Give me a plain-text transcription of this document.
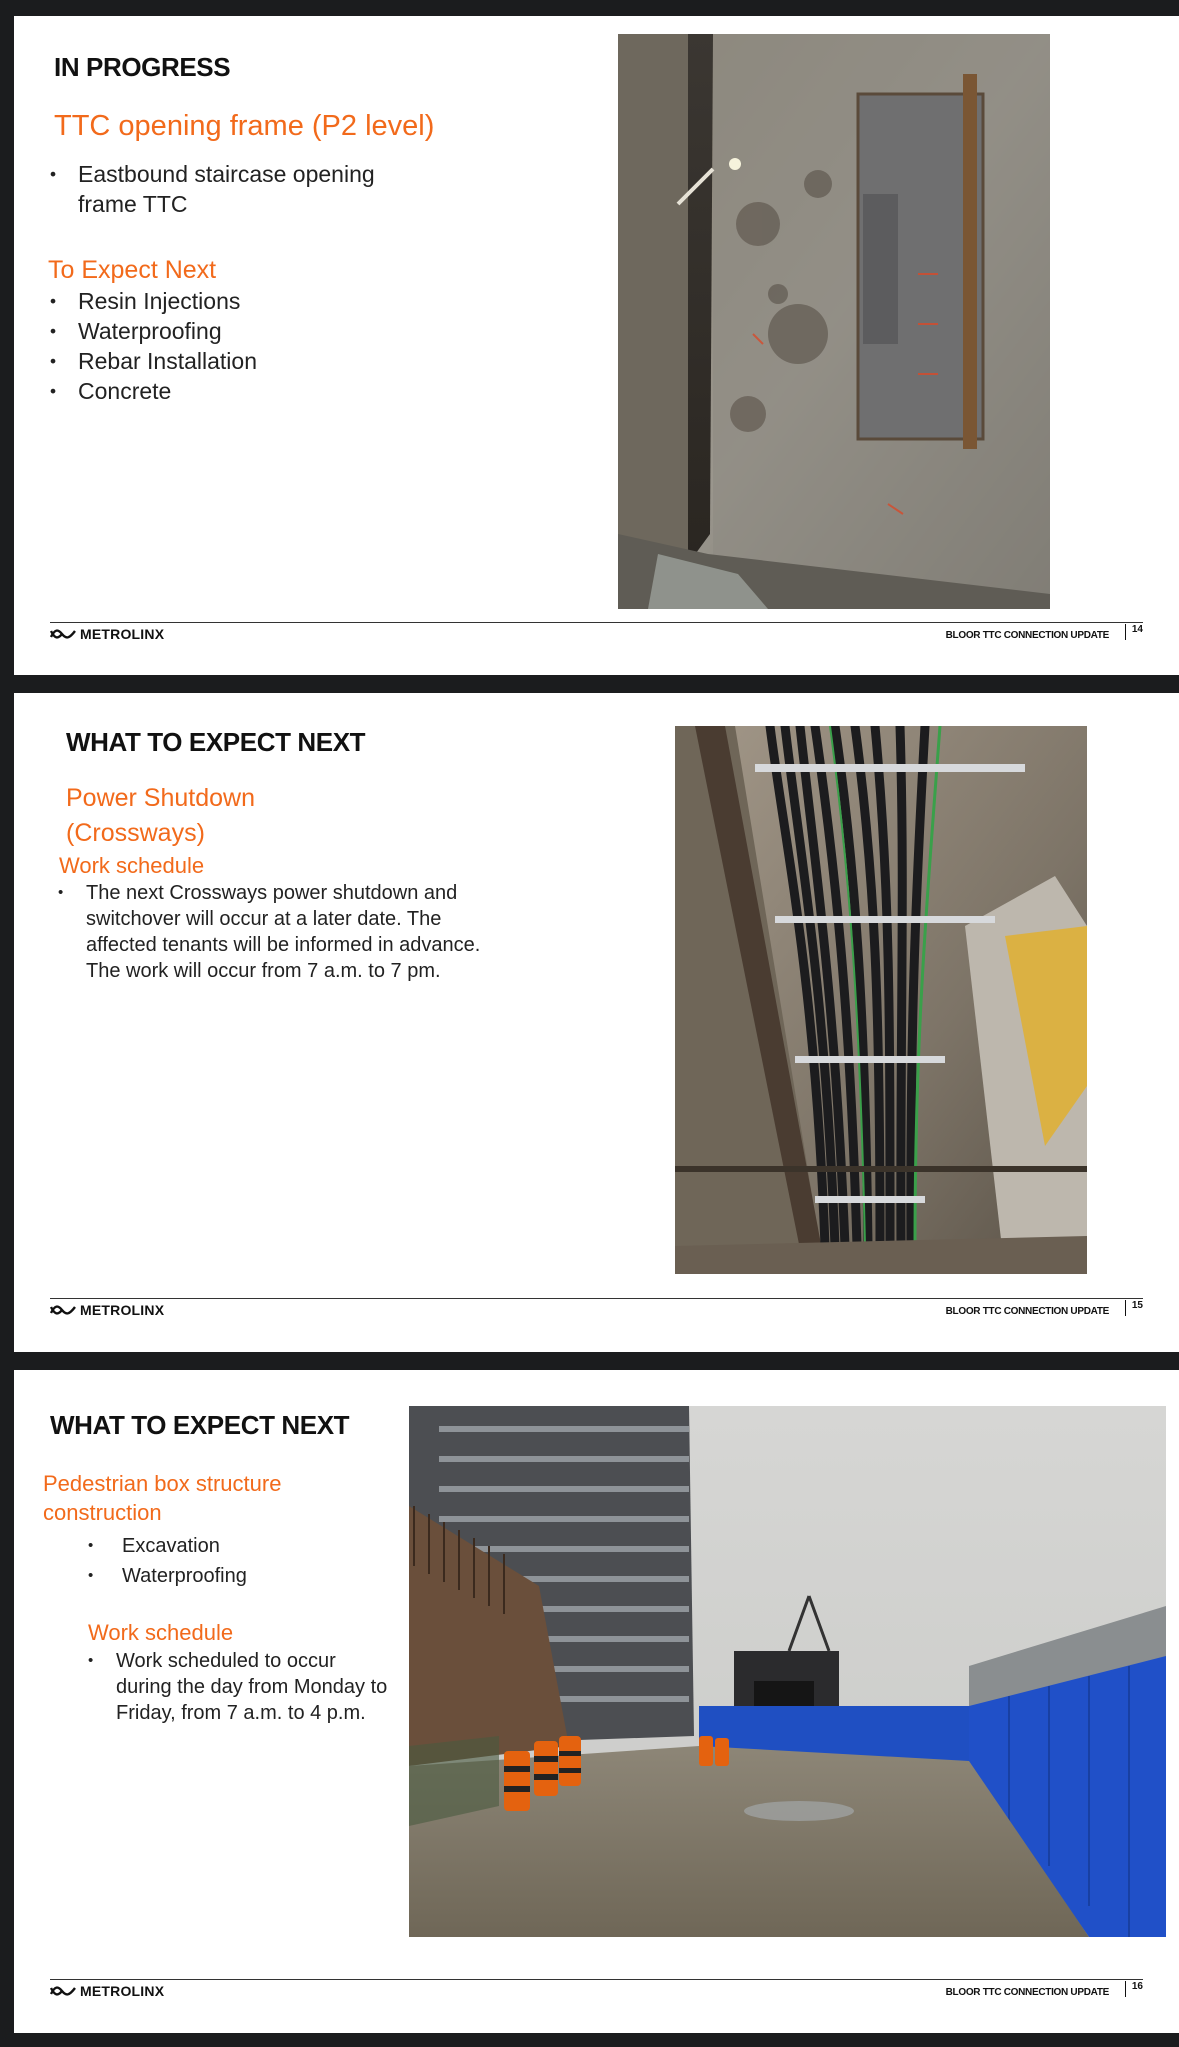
IN PROGRESS
TTC opening frame (P2 level)
• Eastbound staircase opening frame TTC
To Expect Next
• Resin Injections
• Waterproofing
• Rebar Installation
• Concrete
METROLINX	BLOOR TTC CONNECTION UPDATE
14
WHAT TO EXPECT NEXT
Power Shutdown
(Crossways)
Work schedule
• The next Crossways power shutdown and switchover will occur at a later date. The affected tenants will be informed in advance. The work will occur from 7 a.m. to 7 pm.
METROLINX	BLOOR TTC CONNECTION UPDATE
15
WHAT TO EXPECT NEXT
Pedestrian box structure
construction
• Excavation
• Waterproofing
Work schedule
• Work scheduled to occur during the day from Monday to Friday, from 7 a.m. to 4 p.m.
METROLINX	BLOOR TTC CONNECTION UPDATE
16
